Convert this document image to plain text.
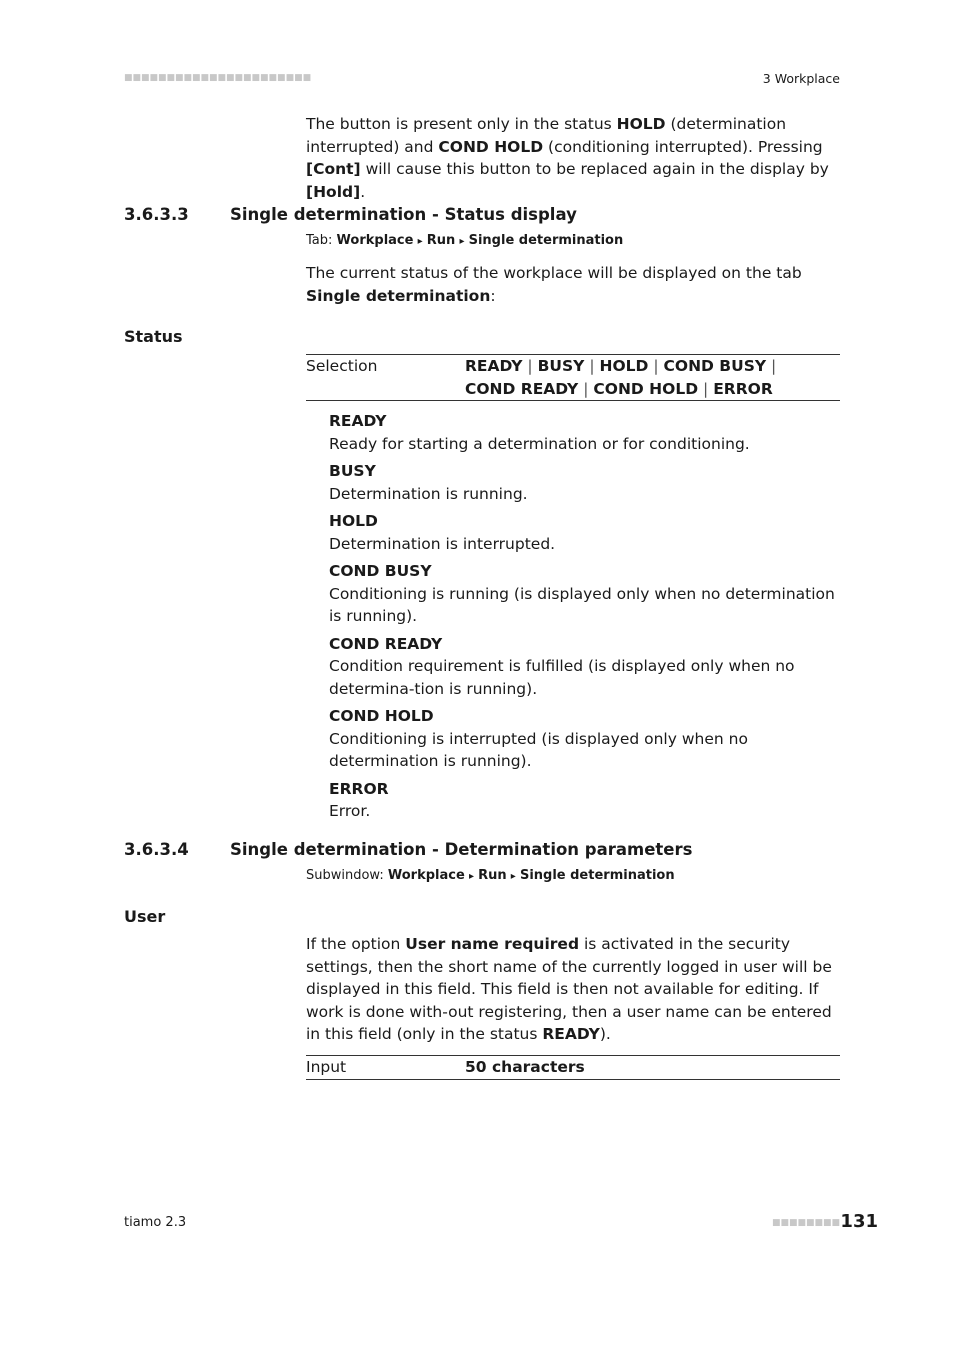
■■■■■■■■■■■■■■■■■■■■■■	3 Workplace
The button is present only in the status HOLD (determination interrupted) and COND HOLD (conditioning interrupted). Pressing [Cont] will cause this button to be replaced again in the display by [Hold].
3.6.3.3	Single determination - Status display
Tab: Workplace ▸ Run ▸ Single determination
The current status of the workplace will be displayed on the tab Single determination:
Status
Selection	READY | BUSY | HOLD | COND BUSY | COND READY | COND HOLD | ERROR
READY
Ready for starting a determination or for conditioning.
BUSY
Determination is running.
HOLD
Determination is interrupted.
COND BUSY
Conditioning is running (is displayed only when no determination is running).
COND READY
Condition requirement is fulfilled (is displayed only when no determina-tion is running).
COND HOLD
Conditioning is interrupted (is displayed only when no determination is running).
ERROR
Error.
3.6.3.4	Single determination - Determination parameters
Subwindow: Workplace ▸ Run ▸ Single determination
User
If the option User name required is activated in the security settings, then the short name of the currently logged in user will be displayed in this field. This field is then not available for editing. If work is done with-out registering, then a user name can be entered in this field (only in the status READY).
Input	50 characters
tiamo 2.3	■■■■■■■■ 131
